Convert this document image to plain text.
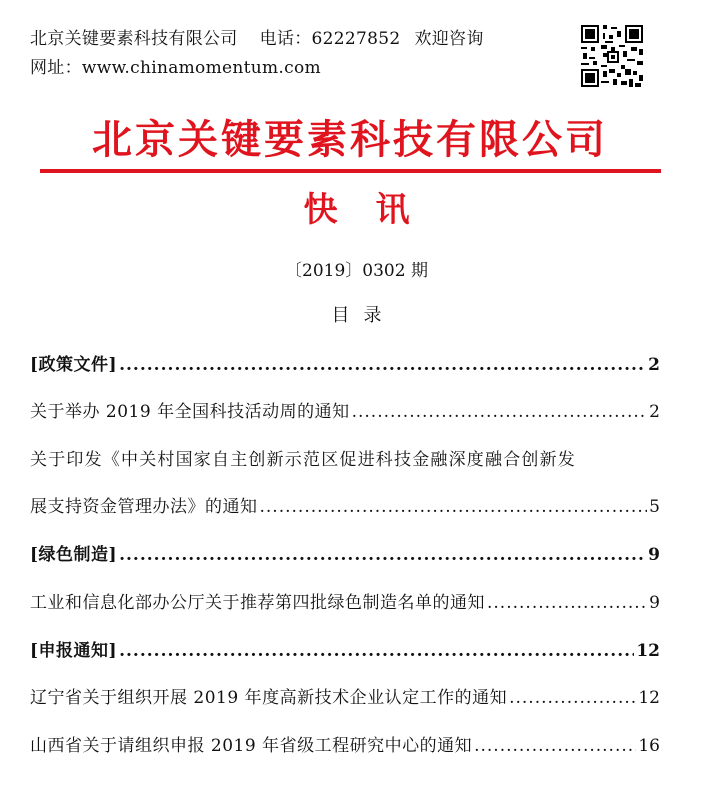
北京关键要素科技有限公司 电话：62227852 欢迎咨询
网址：www.chinamomentum.com
北京关键要素科技有限公司
快讯
〔2019〕0302 期
目录
[政策文件] .....	2
关于举办 2019 年全国科技活动周的通知 .....	2
关于印发《中关村国家自主创新示范区促进科技金融深度融合创新发
展支持资金管理办法》的通知 .....	5
[绿色制造] .....	9
工业和信息化部办公厅关于推荐第四批绿色制造名单的通知 .....	9
[申报通知] .....	12
辽宁省关于组织开展 2019 年度高新技术企业认定工作的通知 .....	12
山西省关于请组织申报 2019 年省级工程研究中心的通知 .....	16
